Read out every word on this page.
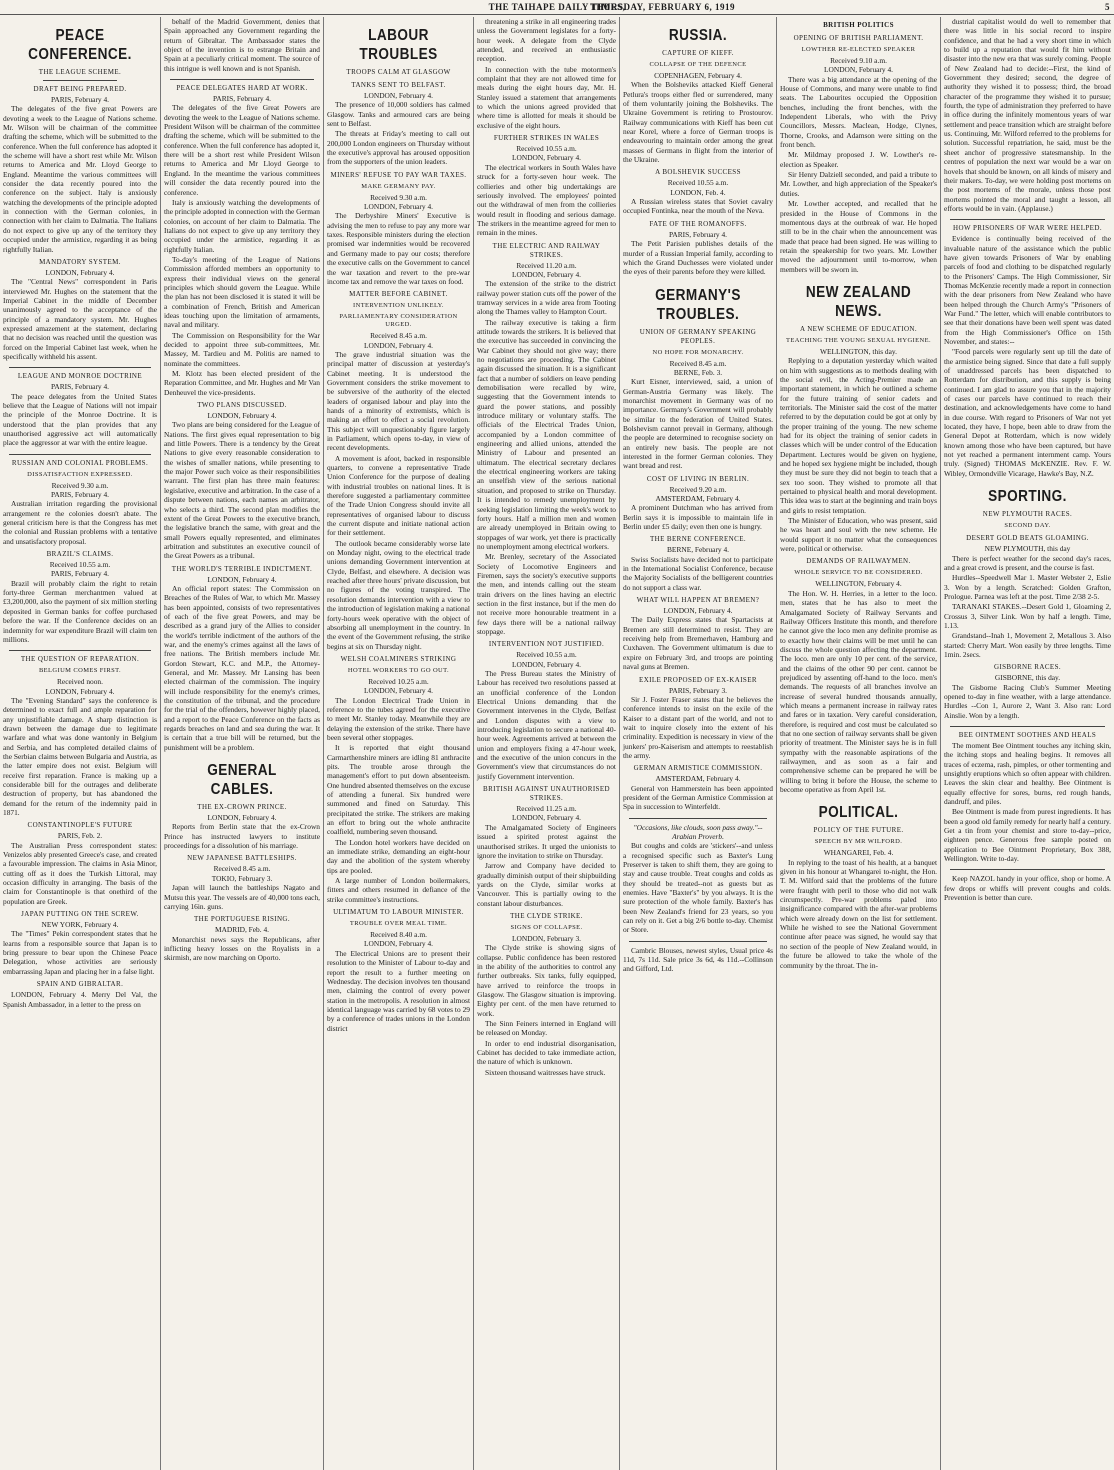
THE TAIHAPE DAILY TIMES,
THURSDAY, FEBRUARY 6, 1919	5
PEACE CONFERENCE.
THE LEAGUE SCHEME.
DRAFT BEING PREPARED.
PARIS, February 4.

The delegates of the five great Powers are devoting a week to the League of Nations scheme. Mr. Wilson will be chairman of the committee drafting the scheme, which will be submitted to the conference. When the full conference has adopted it the scheme will have a short rest while Mr. Wilson returns to America and Mr. Lloyd George to England. Meantime the various committees will consider the data recently poured into the conference on the subject. Italy is anxiously watching the developments of the principle adopted in connection with the German colonies, in connection with her claim to Dalmatia. The Italians do not expect to give up any of the territory they occupied under the armistice, regarding it as being rightfully Italian.

MANDATORY SYSTEM.
LONDON, February 4.

The "Central News" correspondent in Paris interviewed Mr. Hughes on the statement that the Imperial Cabinet in the middle of December unanimously agreed to the acceptance of the principle of a mandatory system. Mr. Hughes expressed amazement at the statement, declaring that no decision was reached until the question was forced on the Imperial Cabinet last week, when he specifically withheld his assent.

LEAGUE AND MONROE DOCTRINE
PARIS, February 4.

The peace delegates from the United States believe that the League of Nations will not impair the principle of the Monroe Doctrine. It is understood that the plan provides that any unauthorised aggressive act will automatically place the aggressor at war with the entire league.

RUSSIAN AND COLONIAL PROBLEMS.
DISSATISFACTION EXPRESSED.
Received 9.30 a.m.
PARIS, February 4.

Australian irritation regarding the provisional arrangement re the colonies doesn't abate. The general criticism here is that the Congress has met the colonial and Russian problems with a tentative and unsatisfactory proposal.

BRAZIL'S CLAIMS.
Received 10.55 a.m.
PARIS, February 4.

Brazil will probably claim the right to retain forty-three German merchantmen valued at £3,200,000, also the payment of six million sterling deposited in German banks for coffee purchased before the war. If the Conference decides on an indemnity for war expenditure Brazil will claim ten millions.

THE QUESTION OF REPARATION.
BELGIUM COMES FIRST.
Received noon.
LONDON, February 4.

The "Evening Standard" says the conference is determined to exact full and ample reparation for any unjustifiable damage. A sharp distinction is drawn between the damage due to legitimate warfare and what was done wantonly in Belgium and Serbia, and has completed detailed claims of the Serbian claims between Bulgaria and Austria, as the latter empire does not exist. Belgium will receive first reparation. France is making up a considerable bill for the outrages and deliberate destruction of property, but has abandoned the demand for the return of the indemnity paid in 1871.

CONSTANTINOPLE'S FUTURE
PARIS, Feb. 2.

The Australian Press correspondent states: Venizelos ably presented Greece's case, and created a favourable impression. The claims in Asia Minor, cutting off as it does the Turkish Littoral, may occasion difficulty in arranging. The basis of the claim for Constantinople is that onethird of the population are Greek.

JAPAN PUTTING ON THE SCREW.
NEW YORK, February 4.

The "Times" Pekin correspondent states that he learns from a responsible source that Japan is to bring pressure to bear upon the Chinese Peace Delegation, whose activities are seriously embarrassing Japan and placing her in a false light.

SPAIN AND GIBRALTAR.

LONDON, February 4. Merry Del Val, the Spanish Ambassador, in a letter to the press on

behalf of the Madrid Government, denies that Spain approached any Government regarding the return of Gibraltar. The Ambassador states the object of the invention is to estrange Britain and Spain at a peculiarly critical moment. The source of this intrigue is well known and is not Spanish.

PEACE DELEGATES HARD AT WORK.
PARIS, February 4.

The delegates of the five Great Powers are devoting the week to the League of Nations scheme. President Wilson will be chairman of the committee drafting the scheme, which will be submitted to the conference. When the full conference has adopted it, there will be a short rest while President Wilson returns to America and Mr Lloyd George to England. In the meantime the various committees will consider the data recently poured into the conference.

Italy is anxiously watching the developments of the principle adopted in connection with the German colonies, on account of her claim to Dalmatia. The Italians do not expect to give up any territory they occupied under the armistice, regarding it as rightfully Italian.

To-day's meeting of the League of Nations Commission afforded members an opportunity to express their individual views on the general principles which should govern the League. While the plan has not been disclosed it is stated it will be a combination of French, British and American ideas touching upon the limitation of armaments, naval and military.

The Commission on Responsibility for the War decided to appoint three sub-committees, Mr. Massey, M. Tardieu and M. Politis are named to nominate the committees.

M. Klotz has been elected president of the Reparation Committee, and Mr. Hughes and Mr Van Denheuvel the vice-presidents.

TWO PLANS DISCUSSED.
LONDON, February 4.

Two plans are being considered for the League of Nations. The first gives equal representation to big and little Powers. There is a tendency by the Great Nations to give every reasonable consideration to the wishes of smaller nations, while presenting to the major Power such voice as their responsibilities warrant. The first plan has three main features: legislative, executive and arbitration. In the case of a dispute between nations, each names an arbitrator, who selects a third. The second plan modifies the extent of the Great Powers to the executive branch, the legislative branch the same, with great and the small Powers equally represented, and eliminates arbitration and substitutes an executive council of the Great Powers as a tribunal.

THE WORLD'S TERRIBLE INDICTMENT.
LONDON, February 4.

An official report states: The Commission on Breaches of the Rules of War, to which Mr. Massey has been appointed, consists of two representatives of each of the five great Powers, and may be described as a grand jury of the Allies to consider the world's terrible indictment of the authors of the war, and the enemy's crimes against all the laws of free nations. The British members include Mr. Gordon Stewart, K.C. and M.P., the Attorney-General, and Mr. Massey. Mr Lansing has been elected chairman of the commission. The inquiry will include responsibility for the enemy's crimes, the constitution of the tribunal, and the procedure for the trial of the offenders, however highly placed, and a report to the Peace Conference on the facts as regards breaches on land and sea during the war. It is certain that a true bill will be returned, but the punishment will be a problem.

GENERAL CABLES.
THE EX-CROWN PRINCE.
LONDON, February 4.

Reports from Berlin state that the ex-Crown Prince has instructed lawyers to institute proceedings for a dissolution of his marriage.

NEW JAPANESE BATTLESHIPS.
Received 8.45 a.m.
TOKIO, February 3.

Japan will launch the battleships Nagato and Mutsu this year. The vessels are of 40,000 tons each, carrying 16in. guns.

THE PORTUGUESE RISING.
MADRID, Feb. 4.

Monarchist news says the Republicans, after inflicting heavy losses on the Royalists in a skirmish, are now marching on Oporto.

LABOUR TROUBLES
TROOPS CALM AT GLASGOW
TANKS SENT TO BELFAST.
LONDON, February 4.

The presence of 10,000 soldiers has calmed Glasgow. Tanks and armoured cars are being sent to Belfast.

The threats at Friday's meeting to call out 200,000 London engineers on Thursday without the executive's approval has aroused opposition from the supporters of the union leaders.

MINERS' REFUSE TO PAY WAR TAXES.
MAKE GERMANY PAY.
Received 9.30 a.m.
LONDON, February 4.

The Derbyshire Miners' Executive is advising the men to refuse to pay any more war taxes. Responsible ministers during the election promised war indemnities would be recovered and Germany made to pay our costs; therefore the executive calls on the Government to cancel the war taxation and revert to the pre-war income tax and remove the war taxes on food.

MATTER BEFORE CABINET.
INTERVENTION UNLIKELY.
PARLIAMENTARY CONSIDERATION URGED.
Received 8.45 a.m.
LONDON, February 4.

The grave industrial situation was the principal matter of discussion at yesterday's Cabinet meeting. It is understood the Government considers the strike movement to be subversive of the authority of the elected leaders of organised labour and play into the hands of a minority of extremists, which is making an effort to effect a social revolution. This subject will unquestionably figure largely in Parliament, which opens to-day, in view of recent developments.

A movement is afoot, backed in responsible quarters, to convene a representative Trade Union Conference for the purpose of dealing with industrial troubles on national lines. It is therefore suggested a parliamentary committee of the Trade Union Congress should invite all representatives of organised labour to discuss the current dispute and initiate national action for their settlement.

The outlook became considerably worse late on Monday night, owing to the electrical trade unions demanding Government intervention at Clyde, Belfast, and elsewhere. A decision was reached after three hours' private discussion, but no figures of the voting transpired. The resolution demands intervention with a view to the introduction of legislation making a national forty-hours week operative with the object of absorbing all unemployment in the country. In the event of the Government refusing, the strike begins at six on Thursday night.

WELSH COALMINERS STRIKING
HOTEL WORKERS TO GO OUT.
Received 10.25 a.m.
LONDON, February 4.

The London Electrical Trade Union in reference to the tubes agreed for the executive to meet Mr. Stanley today. Meanwhile they are delaying the extension of the strike. There have been several other stoppages.

It is reported that eight thousand Carmarthenshire miners are idling 81 anthracite pits. The trouble arose through the management's effort to put down absenteeism. One hundred absented themselves on the excuse of attending a funeral. Six hundred were summoned and fined on Saturday. This precipitated the strike. The strikers are making an effort to bring out the whole anthracite coalfield, numbering seven thousand.

The London hotel workers have decided on an immediate strike, demanding an eight-hour day and the abolition of the system whereby tips are pooled.

A large number of London boilermakers, fitters and others resumed in defiance of the strike committee's instructions.

ULTIMATUM TO LABOUR MINISTER.
TROUBLE OVER MEAL TIME.
Received 8.40 a.m.
LONDON, February 4.

The Electrical Unions are to present their resolution to the Minister of Labour to-day and report the result to a further meeting on Wednesday. The decision involves ten thousand men, claiming the control of every power station in the metropolis. A resolution in almost identical language was carried by 68 votes to 29 by a conference of trades unions in the London district

threatening a strike in all engineering trades unless the Government legislates for a forty-hour week. A delegate from the Clyde attended, and received an enthusiastic reception.

In connection with the tube motormen's complaint that they are not allowed time for meals during the eight hours day, Mr. H. Stanley issued a statement that arrangements to which the unions agreed provided that where time is allotted for meals it should be exclusive of the eight hours.

FURTHER STRIKES IN WALES
Received 10.55 a.m.
LONDON, February 4.

The electrical workers in South Wales have struck for a forty-seven hour week. The collieries and other big undertakings are seriously involved. The employees' pointed out the withdrawal of men from the collieries would result in flooding and serious damage. The strikers in the meantime agreed for men to remain in the mines.

THE ELECTRIC AND RAILWAY STRIKES.
Received 11.20 a.m.
LONDON, February 4.

The extension of the strike to the district railway power station cuts off the power of the tramway services in a wide area from Tooting along the Thames valley to Hampton Court.

The railway executive is taking a firm attitude towards the strikers. It is believed that the executive has succeeded in convincing the War Cabinet they should not give way; there no negotiations are proceeding. The Cabinet again discussed the situation. It is a significant fact that a number of soldiers on leave pending demobilisation were recalled by wire, suggesting that the Government intends to guard the power stations, and possibly introduce military or voluntary staffs. The officials of the Electrical Trades Union, accompanied by a London committee of engineering and allied unions, attended the Ministry of Labour and presented an ultimatum. The electrical secretary declares the electrical engineering workers are taking an unselfish view of the serious national situation, and proposed to strike on Thursday. It is intended to remedy unemployment by seeking legislation limiting the week's work to forty hours. Half a million men and women are already unemployed in Britain owing to stoppages of war work, yet there is practically no unemployment among electrical workers.

Mr. Brenley, secretary of the Associated Society of Locomotive Engineers and Firemen, says the society's executive supports the men, and intends calling out the steam train drivers on the lines having an electric section in the first instance, but if the men do not receive more honourable treatment in a few days there will be a national railway stoppage.

INTERVENTION NOT JUSTIFIED.
Received 10.55 a.m.
LONDON, February 4.

The Press Bureau states the Ministry of Labour has received two resolutions passed at an unofficial conference of the London Electrical Unions demanding that the Government intervenes in the Clyde, Belfast and London disputes with a view to introducing legislation to secure a national 40-hour week. Agreements arrived at between the union and employers fixing a 47-hour week, and the executive of the union concurs in the Government's view that circumstances do not justify Government intervention.

BRITISH AGAINST UNAUTHORISED STRIKES.
Received 11.25 a.m.
LONDON, February 4.

The Amalgamated Society of Engineers issued a spirited protest against the unauthorised strikes. It urged the unionists to ignore the invitation to strike on Thursday.

Jarrow and Company have decided to gradually diminish output of their shipbuilding yards on the Clyde, similar works at Vancouver. This is partially owing to the constant labour disturbances.

THE CLYDE STRIKE.
SIGNS OF COLLAPSE.
LONDON, February 3.

The Clyde strike is showing signs of collapse. Public confidence has been restored in the ability of the authorities to control any further outbreaks. Six tanks, fully equipped, have arrived to reinforce the troops in Glasgow. The Glasgow situation is improving. Eighty per cent. of the men have returned to work.

The Sinn Feiners interned in England will be released on Monday.

In order to end industrial disorganisation, Cabinet has decided to take immediate action, the nature of which is unknown.

Sixteen thousand waitresses have struck.

RUSSIA.
CAPTURE OF KIEFF.
COLLAPSE OF THE DEFENCE
COPENHAGEN, February 4.

When the Bolsheviks attacked Kieff General Petlura's troops either fled or surrendered, many of them voluntarily joining the Bolsheviks. The Ukraine Government is retiring to Prostourov. Railway communications with Kieff has been cut near Korel, where a force of German troops is endeavouring to maintain order among the great masses of Germans in flight from the interior of the Ukraine.

A BOLSHEVIK SUCCESS
Received 10.55 a.m.
LONDON, Feb. 4.

A Russian wireless states that Soviet cavalry occupied Fontinka, near the mouth of the Neva.

FATE OF THE ROMANOFFS.
PARIS, February 4.

The Petit Parisien publishes details of the murder of a Russian Imperial family, according to which the Grand Duchesses were violated under the eyes of their parents before they were killed.

GERMANY'S TROUBLES.
UNION OF GERMANY SPEAKING PEOPLES.
NO HOPE FOR MONARCHY.
Received 8.45 a.m.
BERNE, Feb. 3.

Kurt Eisner, interviewed, said, a union of German-Austria Germany was likely. The monarchist movement in Germany was of no importance. Germany's Government will probably be similar to the federation of United States. Bolshevism cannot prevail in Germany, although the people are determined to recognise society on an entirely new basis. The people are not interested in the former German colonies. They want bread and rest.

COST OF LIVING IN BERLIN.
Received 9.20 a.m.
AMSTERDAM, February 4.

A prominent Dutchman who has arrived from Berlin says it is impossible to maintain life in Berlin under £5 daily; even then one is hungry.

THE BERNE CONFERENCE.
BERNE, February 4.

Swiss Socialists have decided not to participate in the International Socialist Conference, because the Majority Socialists of the belligerent countries do not support a class war.

WHAT WILL HAPPEN AT BREMEN?
LONDON, February 4.

The Daily Express states that Spartacists at Bremen are still determined to resist. They are receiving help from Bremerhaven, Hamburg and Cuxhaven. The Government ultimatum is due to expire on February 3rd, and troops are pointing naval guns at Bremen.

EXILE PROPOSED OF EX-KAISER
PARIS, February 3.

Sir J. Foster Fraser states that he believes the conference intends to insist on the exile of the Kaiser to a distant part of the world, and not to wait to inquire closely into the extent of his criminality. Expedition is necessary in view of the junkers' pro-Kaiserism and attempts to reestablish the army.

GERMAN ARMISTICE COMMISSION.
AMSTERDAM, February 4.

General von Hammerstein has been appointed president of the German Armistice Commission at Spa in succession to Winterfeldt.

"Occasions, like clouds, soon pass away."--Arabian Proverb.

But coughs and colds are 'stickers'--and unless a recognised specific such as Baxter's Lung Preserver is taken to shift them, they are going to stay and cause trouble. Treat coughs and colds as they should be treated--not as guests but as enemies. Have "Baxter's" by you always. It is the sure protection of the whole family. Baxter's has been New Zealand's friend for 23 years, so you can rely on it. Get a big 2/6 bottle to-day. Chemist or Store.

Cambric Blouses, newest styles, Usual price 4s 11d, 7s 11d. Sale price 3s 6d, 4s 11d.--Collinson and Gifford, Ltd.

BRITISH POLITICS
OPENING OF BRITISH PARLIAMENT.
LOWTHER RE-ELECTED SPEAKER
Received 9.10 a.m.
LONDON, February 4.

There was a big attendance at the opening of the House of Commons, and many were unable to find seats. The Labourites occupied the Opposition benches, including the front benches, with the Independent Liberals, who with the Privy Councillors, Messrs. Maclean, Hodge, Clynes, Thorne, Crooks, and Adamson were sitting on the front bench.

Mr. Mildmay proposed J. W. Lowther's re-election as Speaker.

Sir Henry Dalziell seconded, and paid a tribute to Mr. Lowther, and high appreciation of the Speaker's duties.

Mr. Lowther accepted, and recalled that he presided in the House of Commons in the momentous days at the outbreak of war. He hoped still to be in the chair when the announcement was made that peace had been signed. He was willing to retain the speakership for two years. Mr. Lowther moved the adjournment until to-morrow, when members will be sworn in.

NEW ZEALAND NEWS.
A NEW SCHEME OF EDUCATION.
TEACHING THE YOUNG SEXUAL HYGIENE.
WELLINGTON, this day.

Replying to a deputation yesterday which waited on him with suggestions as to methods dealing with the social evil, the Acting-Premier made an important statement, in which he outlined a scheme for the future training of senior cadets and territorials. The Minister said the cost of the matter referred to by the deputation could be got at only by the proper training of the young. The new scheme had for its object the training of senior cadets in classes which will be under control of the Education Department. Lectures would be given on hygiene, and he hoped sex hygiene might be included, though they must be sure they did not begin to teach that a sex too soon. They wished to promote all that pertained to physical health and moral development. This idea was to start at the beginning and train boys and girls to resist temptation.

The Minister of Education, who was present, said he was heart and soul with the new scheme. He would support it no matter what the consequences were, political or otherwise.

DEMANDS OF RAILWAYMEN.
WHOLE SERVICE TO BE CONSIDERED.
WELLINGTON, February 4.

The Hon. W. H. Herries, in a letter to the loco. men, states that he has also to meet the Amalgamated Society of Railway Servants and Railway Officers Institute this month, and therefore he cannot give the loco men any definite promise as to exactly how their claims will be met until he can discuss the whole question affecting the department. The loco. men are only 10 per cent. of the service, and the claims of the other 90 per cent. cannot be prejudiced by assenting off-hand to the loco. men's demands. The requests of all branches involve an increase of several hundred thousands annually, which means a permanent increase in railway rates and fares or in taxation. Very careful consideration, therefore, is required and cost must be calculated so that no one section of railway servants shall be given priority of treatment. The Minister says he is in full sympathy with the reasonable aspirations of the railwaymen, and as soon as a fair and comprehensive scheme can be prepared he will be willing to bring it before the House, the scheme to become operative as from April 1st.

POLITICAL.
POLICY OF THE FUTURE.
SPEECH BY MR WILFORD.
WHANGAREI, Feb. 4.

In replying to the toast of his health, at a banquet given in his honour at Whangarei to-night, the Hon. T. M. Wilford said that the problems of the future were fraught with peril to those who did not walk circumspectly. Pre-war problems paled into insignificance compared with the after-war problems which were already down on the list for settlement. While he wished to see the National Government continue after peace was signed, he would say that no section of the people of New Zealand would, in the future be allowed to take the whole of the community by the throat. The in-

dustrial capitalist would do well to remember that there was little in his social record to inspire confidence, and that he had a very short time in which to build up a reputation that would fit him without disaster into the new era that was surely coming. People of New Zealand had to decide:--First, the kind of Government they desired; second, the degree of authority they wished it to possess; third, the broad character of the programme they wished it to pursue; fourth, the type of administration they preferred to have in office during the infinitely momentous years of war settlement and peace transition which are straight before us. Continuing, Mr. Wilford referred to the problems for solution. Successful repatriation, he said, must be the sheet anchor of progressive statesmanship. In the centres of population the next war would be a war on hovels that should be known, on all kinds of misery and their makers. To-day, we were holding post mortems on the post mortems of the morale, unless those post mortems pointed the moral and taught a lesson, all efforts would be in vain. (Applause.)

HOW PRISONERS OF WAR WERE HELPED.

Evidence is continually being received of the invaluable nature of the assistance which the public have given towards Prisoners of War by enabling parcels of food and clothing to be dispatched regularly to the Prisoners' Camps. The High Commissioner, Sir Thomas McKenzie recently made a report in connection with the dear prisoners from New Zealand who have been helped through the Church Army's "Prisoners of War Fund." The letter, which will enable contributors to see that their donations have been well spent was dated from the High Commissioner's Office on 15th November, and states:--

"Food parcels were regularly sent up till the date of the armistice being signed. Since that date a full supply of unaddressed parcels has been dispatched to Rotterdam for distribution, and this supply is being continued. I am glad to assure you that in the majority of cases our parcels have continued to reach their destination, and acknowledgements have come to hand in due course. With regard to Prisoners of War not yet located, they have, I hope, been able to draw from the General Depot at Rotterdam, which is now widely known among those who have been captured, but have not yet reached a permanent internment camp. Yours truly. (Signed) THOMAS McKENZIE. Rev. F. W. Wibley, Ormondville Vicarage, Hawke's Bay, N.Z.

SPORTING.
NEW PLYMOUTH RACES.
SECOND DAY.
DESERT GOLD BEATS GLOAMING.
NEW PLYMOUTH, this day

There is perfect weather for the second day's races, and a great crowd is present, and the course is fast.

Hurdles--Speedwell Mar 1. Master Webster 2, Eslie 3. Won by a length. Scratched: Golden Grafton, Prologue. Parnea was left at the post. Time 2/38 2-5.

TARANAKI STAKES.--Desert Gold 1, Gloaming 2, Crossus 3, Silver Link. Won by half a length. Time, 1.13.

Grandstand--Inah 1, Movement 2, Metallous 3. Also started: Cherry Mart. Won easily by three lengths. Time 1min. 2secs.

GISBORNE RACES.
GISBORNE, this day.

The Gisborne Racing Club's Summer Meeting opened to-day in fine weather, with a large attendance. Hurdles --Con 1, Aurore 2, Want 3. Also ran: Lord Ainslie. Won by a length.

BEE OINTMENT SOOTHES AND HEALS

The moment Bee Ointment touches any itching skin, the itching stops and healing begins. It removes all traces of eczema, rash, pimples, or other tormenting and unsightly eruptions which so often appear with children. Leaves the skin clear and healthy. Bee Ointment is equally effective for sores, burns, red rough hands, dandruff, and piles.

Bee Ointment is made from purest ingredients. It has been a good old family remedy for nearly half a century. Get a tin from your chemist and store to-day--price, eighteen pence. Generous free sample posted on application to Bee Ointment Proprietary, Box 388, Wellington. Write to-day.

Keep NAZOL handy in your office, shop or home. A few drops or whiffs will prevent coughs and colds. Prevention is better than cure.
